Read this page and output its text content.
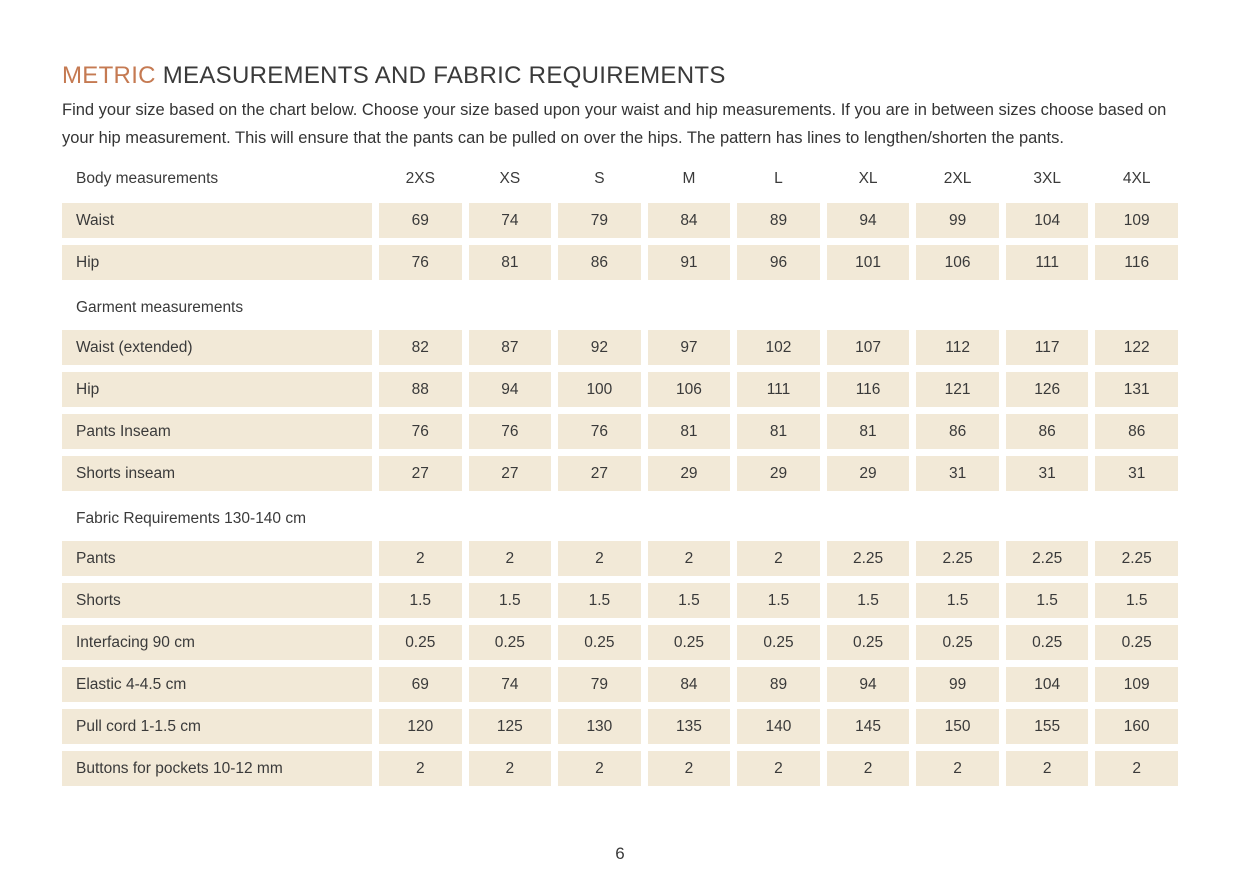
METRIC MEASUREMENTS AND FABRIC REQUIREMENTS

Find your size based on the chart below. Choose your size based upon your waist and hip measurements. If you are in between sizes choose based on your hip measurement. This will ensure that the pants can be pulled on over the hips. The pattern has lines to lengthen/shorten the pants.

Body measurements	2XS	XS	S	M	L	XL	2XL	3XL	4XL
Waist	69	74	79	84	89	94	99	104	109
Hip	76	81	86	91	96	101	106	111	116
Garment measurements
Waist (extended)	82	87	92	97	102	107	112	117	122
Hip	88	94	100	106	111	116	121	126	131
Pants Inseam	76	76	76	81	81	81	86	86	86
Shorts inseam	27	27	27	29	29	29	31	31	31
Fabric Requirements 130-140 cm
Pants	2	2	2	2	2	2.25	2.25	2.25	2.25
Shorts	1.5	1.5	1.5	1.5	1.5	1.5	1.5	1.5	1.5
Interfacing 90 cm	0.25	0.25	0.25	0.25	0.25	0.25	0.25	0.25	0.25
Elastic 4-4.5 cm	69	74	79	84	89	94	99	104	109
Pull cord 1-1.5 cm	120	125	130	135	140	145	150	155	160
Buttons for pockets 10-12 mm	2	2	2	2	2	2	2	2	2
6
